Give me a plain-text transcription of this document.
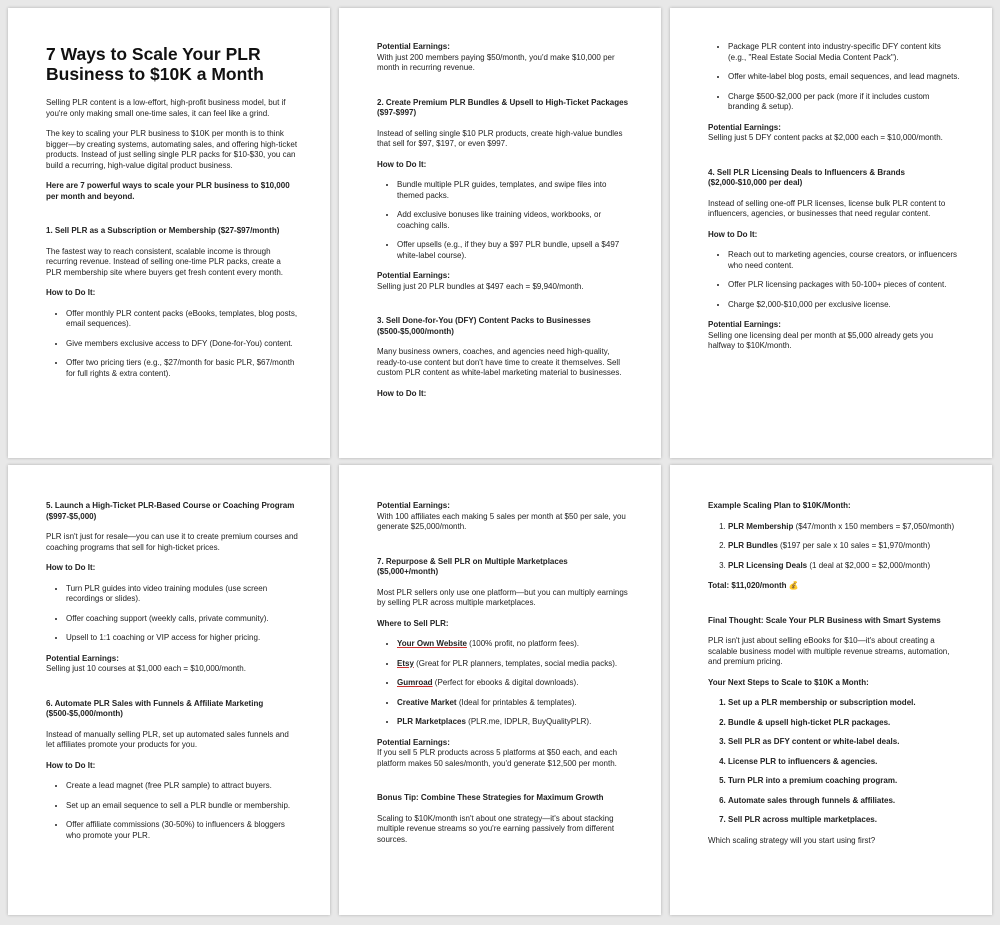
7 Ways to Scale Your PLR Business to $10K a Month

Selling PLR content is a low-effort, high-profit business model, but if you're only making small one-time sales, it can feel like a grind.

The key to scaling your PLR business to $10K per month is to think bigger—by creating systems, automating sales, and offering high-ticket products. Instead of just selling single PLR packs for $10-$30, you can build a recurring, high-value digital product business.

Here are 7 powerful ways to scale your PLR business to $10,000 per month and beyond.

1. Sell PLR as a Subscription or Membership ($27-$97/month)

The fastest way to reach consistent, scalable income is through recurring revenue. Instead of selling one-time PLR packs, create a PLR membership site where buyers get fresh content every month.

How to Do It:

• Offer monthly PLR content packs (eBooks, templates, blog posts, email sequences).
• Give members exclusive access to DFY (Done-for-You) content.
• Offer two pricing tiers (e.g., $27/month for basic PLR, $67/month for full rights & extra content).

Potential Earnings:

With just 200 members paying $50/month, you'd make $10,000 per month in recurring revenue.

2. Create Premium PLR Bundles & Upsell to High-Ticket Packages ($97-$997)

Instead of selling single $10 PLR products, create high-value bundles that sell for $97, $197, or even $997.

How to Do It:

• Bundle multiple PLR guides, templates, and swipe files into themed packs.
• Add exclusive bonuses like training videos, workbooks, or coaching calls.
• Offer upsells (e.g., if they buy a $97 PLR bundle, upsell a $497 white-label course).

Potential Earnings:

Selling just 20 PLR bundles at $497 each = $9,940/month.

3. Sell Done-for-You (DFY) Content Packs to Businesses ($500-$5,000/month)

Many business owners, coaches, and agencies need high-quality, ready-to-use content but don't have time to create it themselves. Sell custom PLR content as white-label marketing material to businesses.

How to Do It:

• Package PLR content into industry-specific DFY content kits (e.g., "Real Estate Social Media Content Pack").
• Offer white-label blog posts, email sequences, and lead magnets.
• Charge $500-$2,000 per pack (more if it includes custom branding & setup).

Potential Earnings:

Selling just 5 DFY content packs at $2,000 each = $10,000/month.

4. Sell PLR Licensing Deals to Influencers & Brands ($2,000-$10,000 per deal)

Instead of selling one-off PLR licenses, license bulk PLR content to influencers, agencies, or businesses that need regular content.

How to Do It:

• Reach out to marketing agencies, course creators, or influencers who need content.
• Offer PLR licensing packages with 50-100+ pieces of content.
• Charge $2,000-$10,000 per exclusive license.

Potential Earnings:

Selling one licensing deal per month at $5,000 already gets you halfway to $10K/month.

5. Launch a High-Ticket PLR-Based Course or Coaching Program ($997-$5,000)

PLR isn't just for resale—you can use it to create premium courses and coaching programs that sell for high-ticket prices.

How to Do It:

• Turn PLR guides into video training modules (use screen recordings or slides).
• Offer coaching support (weekly calls, private community).
• Upsell to 1:1 coaching or VIP access for higher pricing.

Potential Earnings:

Selling just 10 courses at $1,000 each = $10,000/month.

6. Automate PLR Sales with Funnels & Affiliate Marketing ($500-$5,000/month)

Instead of manually selling PLR, set up automated sales funnels and let affiliates promote your products for you.

How to Do It:

• Create a lead magnet (free PLR sample) to attract buyers.
• Set up an email sequence to sell a PLR bundle or membership.
• Offer affiliate commissions (30-50%) to influencers & bloggers who promote your PLR.

Potential Earnings:

With 100 affiliates each making 5 sales per month at $50 per sale, you generate $25,000/month.

7. Repurpose & Sell PLR on Multiple Marketplaces ($5,000+/month)

Most PLR sellers only use one platform—but you can multiply earnings by selling PLR across multiple marketplaces.

Where to Sell PLR:

• Your Own Website (100% profit, no platform fees).
• Etsy (Great for PLR planners, templates, social media packs).
• Gumroad (Perfect for ebooks & digital downloads).
• Creative Market (Ideal for printables & templates).
• PLR Marketplaces (PLR.me, IDPLR, BuyQualityPLR).

Potential Earnings:

If you sell 5 PLR products across 5 platforms at $50 each, and each platform makes 50 sales/month, you'd generate $12,500 per month.

Bonus Tip: Combine These Strategies for Maximum Growth

Scaling to $10K/month isn't about one strategy—it's about stacking multiple revenue streams so you're earning passively from different sources.

Example Scaling Plan to $10K/Month:

1. PLR Membership ($47/month x 150 members = $7,050/month)
2. PLR Bundles ($197 per sale x 10 sales = $1,970/month)
3. PLR Licensing Deals (1 deal at $2,000 = $2,000/month)

Total: $11,020/month 💰

Final Thought: Scale Your PLR Business with Smart Systems

PLR isn't just about selling eBooks for $10—it's about creating a scalable business model with multiple revenue streams, automation, and premium pricing.

Your Next Steps to Scale to $10K a Month:

1. Set up a PLR membership or subscription model.
2. Bundle & upsell high-ticket PLR packages.
3. Sell PLR as DFY content or white-label deals.
4. License PLR to influencers & agencies.
5. Turn PLR into a premium coaching program.
6. Automate sales through funnels & affiliates.
7. Sell PLR across multiple marketplaces.

Which scaling strategy will you start using first?
